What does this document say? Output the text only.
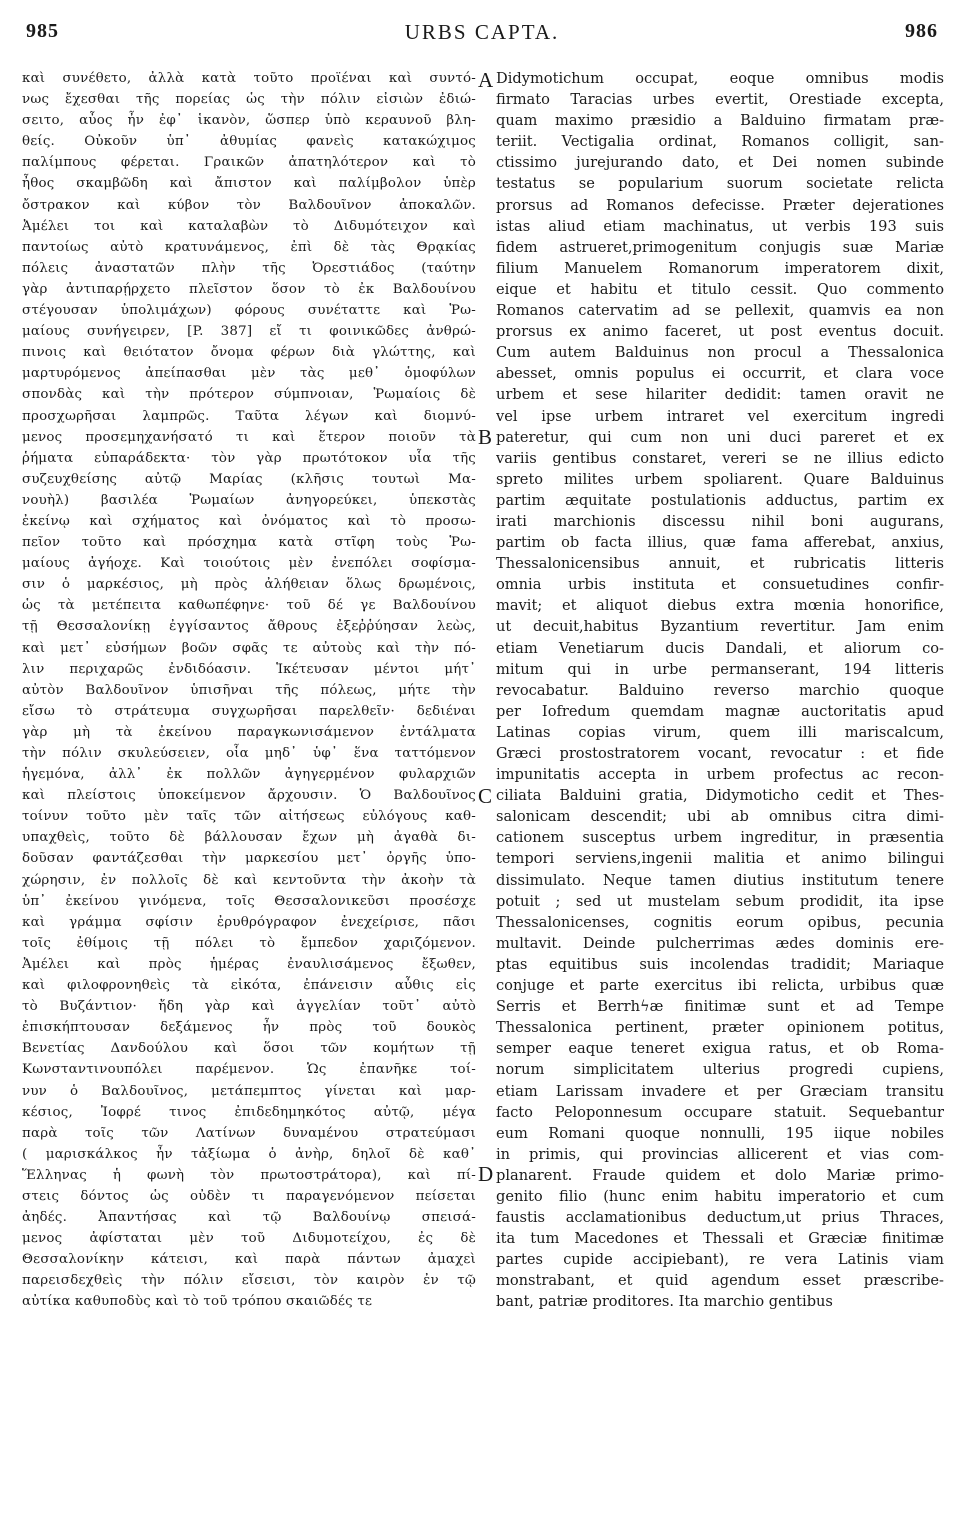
985	URBS CAPTA.	986
καὶ συνέθετο, ἀλλὰ κατὰ τοῦτο προϊέναι καὶ συντό-
νως ἔχεσθαι τῆς πορείας ὡς τὴν πόλιν εἰσιὼν ἐδιώ-
σειτο, αὖος ἦν ἐφ᾽ ἱκανὸν, ὥσπερ ὑπὸ κεραυνοῦ βλη-
θείς. Οὐκοῦν ὑπ᾽ ἀθυμίας φανεὶς κατακώχιμος
παλίμπους φέρεται. Γραικῶν ἀπατηλότερον καὶ τὸ
ἦθος σκαμβῶδη καὶ ἄπιστον καὶ παλίμβολον ὑπὲρ
ὄστρακον καὶ κύβον τὸν Βαλδουῖνον ἀποκαλῶν.
Ἀμέλει τοι καὶ καταλαβὼν τὸ Διδυμότειχον καὶ
παντοίως αὐτὸ κρατυνάμενος, ἐπὶ δὲ τὰς Θρᾳκίας
πόλεις ἀναστατῶν πλὴν τῆς Ὀρεστιάδος (ταύτην
γὰρ ἀντιπαρῄρχετο πλεῖστον ὅσον τὸ ἐκ Βαλδουίνου
στέγουσαν ὑπολιμάχων) φόρους συνέταττε καὶ Ῥω-
μαίους συνήγειρεν, [P. 387] εἴ τι φοινικῶδες ἀνθρώ-
πινοις καὶ θειότατον ὄνομα φέρων διὰ γλώττης, καὶ
μαρτυρόμενος ἀπείπασθαι μὲν τὰς μεθ᾽ ὁμοφύλων
σπονδὰς καὶ τὴν πρότερον σύμπνοιαν, Ῥωμαίοις δὲ
προσχωρῆσαι λαμπρῶς. Ταῦτα λέγων καὶ διομνύ-
μενος προσεμηχανήσατό τι καὶ ἕτερον ποιοῦν τὰ
ῥήματα εὐπαράδεκτα· τὸν γὰρ πρωτότοκον υἷα τῆς
συζευχθείσης αὐτῷ Μαρίας (κλῆσις τουτωὶ Μα-
νουὴλ) βασιλέα Ῥωμαίων ἀνηγορεύκει, ὑπεκστὰς
ἐκείνῳ καὶ σχήματος καὶ ὀνόματος καὶ τὸ προσω-
πεῖον τοῦτο καὶ πρόσχημα κατὰ στῖφη τοὺς Ῥω-
μαίους ἀγήοχε. Καὶ τοιούτοις μὲν ἐνεπόλει σοφίσμα-
σιν ὁ μαρκέσιος, μὴ πρὸς ἀλήθειαν ὅλως δρωμένοις,
ὡς τὰ μετέπειτα καθωπέφηνε· τοῦ δέ γε Βαλδουίνου
τῇ Θεσσαλονίκῃ ἐγγίσαντος ἄθρους ἐξεῤῥύησαν λεὼς,
καὶ μετ᾽ εὐσήμων βοῶν σφᾶς τε αὐτοὺς καὶ τὴν πό-
λιν περιχαρῶς ἐνδιδόασιν. Ἱκέτευσαν μέντοι μήτ᾽
αὐτὸν Βαλδουῖνον ὑπισῆναι τῆς πόλεως, μήτε τὴν
εἴσω τὸ στράτευμα συγχωρῆσαι παρελθεῖν· δεδιέναι
γὰρ μὴ τὰ ἐκείνου παραγκωνισάμενον ἐντάλματα
τὴν πόλιν σκυλεύσειεν, οἷα μηδ᾽ ὑφ᾽ ἕνα ταττόμενον
ἡγεμόνα, ἀλλ᾽ ἐκ πολλῶν ἀγηγερμένον φυλαρχιῶν
καὶ πλείστοις ὑποκείμενον ἄρχουσιν. Ὁ Βαλδουῖνος
τοίνυν τοῦτο μὲν ταῖς τῶν αἰτήσεως εὐλόγους καθ-
υπαχθεὶς, τοῦτο δὲ βάλλουσαν ἔχων μὴ ἀγαθὰ δι-
δοῦσαν φαντάζεσθαι τὴν μαρκεσίου μετ᾽ ὀργῆς ὑπο-
χώρησιν, ἐν πολλοῖς δὲ καὶ κεντοῦντα τὴν ἀκοὴν τὰ
ὑπ᾽ ἐκείνου γινόμενα, τοῖς Θεσσαλονικεῦσι προσέσχε
καὶ γράμμα σφίσιν ἐρυθρόγραφον ἐνεχείρισε, πᾶσι
τοῖς ἐθίμοις τῇ πόλει τὸ ἔμπεδον χαριζόμενον.
Ἀμέλει καὶ πρὸς ἡμέρας ἐναυλισάμενος ἔξωθεν,
καὶ φιλοφρονηθεὶς τὰ εἰκότα, ἐπάνεισιν αὖθις εἰς
τὸ Βυζάντιον· ἤδη γὰρ καὶ ἀγγελίαν τοῦτ᾽ αὐτὸ
ἐπισκήπτουσαν δεξάμενος ἦν πρὸς τοῦ δουκὸς
Βενετίας Δανδούλου καὶ ὅσοι τῶν κομήτων τῇ
Κωνσταντινουπόλει παρέμενον. Ὡς ἐπανῆκε τοί-
νυν ὁ Βαλδουῖνος, μετάπεμπτος γίνεται καὶ μαρ-
κέσιος, Ἰοφρέ τινος ἐπιδεδημηκότος αὐτῷ, μέγα
παρὰ τοῖς τῶν Λατίνων δυναμένου στρατεύμασι
( μαρισκάλκος ἦν τἀξίωμα ὁ ἀνὴρ, δηλοῖ δὲ καθ᾽
Ἕλληνας ἡ φωνὴ τὸν πρωτοστράτορα), καὶ πί-
στεις δόντος ὡς οὐδὲν τι παραγενόμενον πείσεται
ἀηδές. Ἀπαντήσας καὶ τῷ Βαλδουίνῳ σπεισά-
μενος ἀφίσταται μὲν τοῦ Διδυμοτείχου, ἐς δὲ
Θεσσαλονίκην κάτεισι, καὶ παρὰ πάντων ἀμαχεὶ
παρεισδεχθεὶς τὴν πόλιν εἴσεισι, τὸν καιρὸν ἐν τῷ
αὐτίκα καθυποδὺς καὶ τὸ τοῦ τρόπου σκαιῶδές τε
Didymotichum occupat, eoque omnibus modis
firmato Taracias urbes evertit, Orestiade excepta,
quam maximo præsidio a Balduino firmatam præ-
teriit. Vectigalia ordinat, Romanos colligit, san-
ctissimo jurejurando dato, et Dei nomen subinde
testatus se popularium suorum societate relicta
prorsus ad Romanos defecisse. Præter dejerationes
istas aliud etiam machinatus, ut verbis 193 suis
fidem astrueret,primogenitum conjugis suæ Mariæ
filium Manuelem Romanorum imperatorem dixit,
eique et habitu et titulo cessit. Quo commento
Romanos catervatim ad se pellexit, quamvis ea non
prorsus ex animo faceret, ut post eventus docuit.
Cum autem Balduinus non procul a Thessalonica
abesset, omnis populus ei occurrit, et clara voce
urbem et sese hilariter dedidit: tamen oravit ne
vel ipse urbem intraret vel exercitum ingredi
pateretur, qui cum non uni duci pareret et ex
variis gentibus constaret, vereri se ne illius edicto
spreto milites urbem spoliarent. Quare Balduinus
partim æquitate postulationis adductus, partim ex
irati marchionis discessu nihil boni augurans,
partim ob facta illius, quæ fama afferebat, anxius,
Thessalonicensibus annuit, et rubricatis litteris
omnia urbis instituta et consuetudines confir-
mavit; et aliquot diebus extra mœnia honorifice,
ut decuit,habitus Byzantium revertitur. Jam enim
etiam Venetiarum ducis Dandali, et aliorum co-
mitum qui in urbe permanserant, 194 litteris
revocabatur. Balduino reverso marchio quoque
per Iofredum quemdam magnæ auctoritatis apud
Latinas copias virum, quem illi mariscalcum,
Græci prostostratorem vocant, revocatur : et fide
impunitatis accepta in urbem profectus ac recon-
ciliata Balduini gratia, Didymoticho cedit et Thes-
salonicam descendit; ubi ab omnibus citra dimi-
cationem susceptus urbem ingreditur, in præsentia
tempori serviens,ingenii malitia et animo bilingui
dissimulato. Neque tamen diutius institutum tenere
potuit ; sed ut mustelam sebum prodidit, ita ipse
Thessalonicenses, cognitis eorum opibus, pecunia
multavit. Deinde pulcherrimas ædes dominis ere-
ptas equitibus suis incolendas tradidit; Mariaque
conjuge et parte exercitus ibi relicta, urbibus quæ
Serris et Berrhϟæ finitimæ sunt et ad Tempe
Thessalonica pertinent, præter opinionem potitus,
semper eaque teneret exigua ratus, et ob Roma-
norum simplicitatem ulterius progredi cupiens,
etiam Larissam invadere et per Græciam transitu
facto Peloponnesum occupare statuit. Sequebantur
eum Romani quoque nonnulli, 195 iique nobiles
in primis, qui provincias allicerent et vias com-
planarent. Fraude quidem et dolo Mariæ primo-
genito filio (hunc enim habitu imperatorio et cum
faustis acclamationibus deductum,ut prius Thraces,
ita tum Macedones et Thessali et Græciæ finitimæ
partes cupide accipiebant), re vera Latinis viam
monstrabant, et quid agendum esset præscribe-
bant, patriæ proditores. Ita marchio gentibus
A
B
C
D
